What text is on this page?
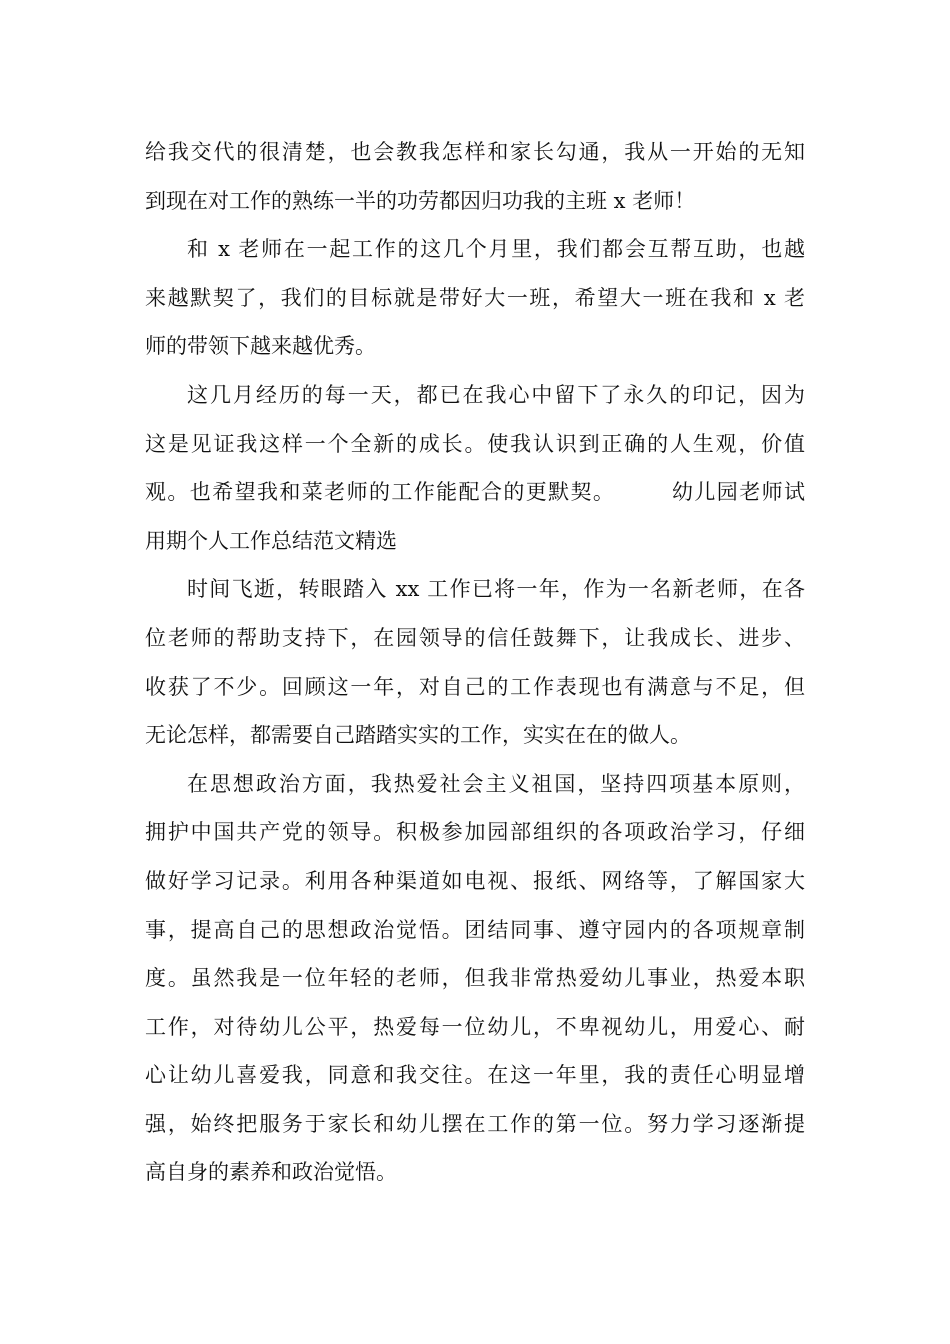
给我交代的很清楚，也会教我怎样和家长勾通，我从一开始的无知
到现在对工作的熟练一半的功劳都因归功我的主班 x 老师！

和 x 老师在一起工作的这几个月里，我们都会互帮互助，也越
来越默契了，我们的目标就是带好大一班，希望大一班在我和 x 老
师的带领下越来越优秀。

这几月经历的每一天，都已在我心中留下了永久的印记，因为
这是见证我这样一个全新的成长。使我认识到正确的人生观，价值
观。也希望我和菜老师的工作能配合的更默契。　　　幼儿园老师试
用期个人工作总结范文精选

时间飞逝，转眼踏入 xx 工作已将一年，作为一名新老师，在各
位老师的帮助支持下，在园领导的信任鼓舞下，让我成长、进步、
收获了不少。回顾这一年，对自己的工作表现也有满意与不足，但
无论怎样，都需要自己踏踏实实的工作，实实在在的做人。

在思想政治方面，我热爱社会主义祖国，坚持四项基本原则，
拥护中国共产党的领导。积极参加园部组织的各项政治学习，仔细
做好学习记录。利用各种渠道如电视、报纸、网络等，了解国家大
事，提高自己的思想政治觉悟。团结同事、遵守园内的各项规章制
度。虽然我是一位年轻的老师，但我非常热爱幼儿事业，热爱本职
工作，对待幼儿公平，热爱每一位幼儿，不卑视幼儿，用爱心、耐
心让幼儿喜爱我，同意和我交往。在这一年里，我的责任心明显增
强，始终把服务于家长和幼儿摆在工作的第一位。努力学习逐渐提
高自身的素养和政治觉悟。
